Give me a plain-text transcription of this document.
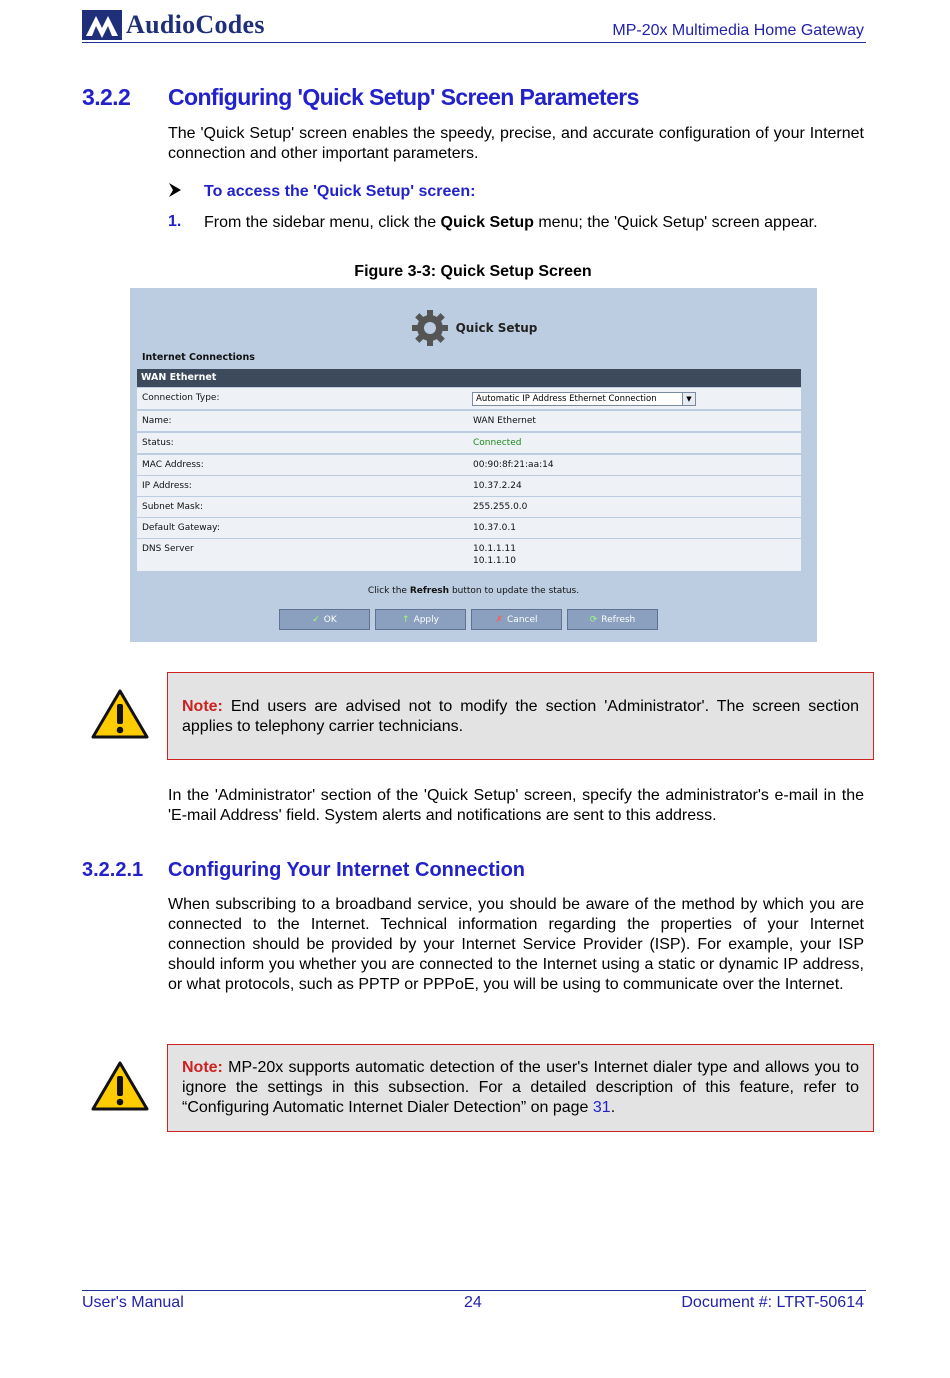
AudioCodes	MP-20x Multimedia Home Gateway
3.2.2 Configuring 'Quick Setup' Screen Parameters
The 'Quick Setup' screen enables the speedy, precise, and accurate configuration of your Internet connection and other important parameters.
To access the 'Quick Setup' screen:
1. From the sidebar menu, click the Quick Setup menu; the 'Quick Setup' screen appear.
Figure 3-3: Quick Setup Screen
Quick Setup
Internet Connections
WAN Ethernet
Connection Type:	Automatic IP Address Ethernet Connection	▼
Name:	WAN Ethernet
Status:	Connected
MAC Address:	00:90:8f:21:aa:14
IP Address:	10.37.2.24
Subnet Mask:	255.255.0.0
Default Gateway:	10.37.0.1
DNS Server	10.1.1.11
10.1.1.10
Click the Refresh button to update the status.
✓ OK	↑ Apply	✗ Cancel	⟳ Refresh
Note: End users are advised not to modify the section 'Administrator'. The screen section applies to telephony carrier technicians.
In the 'Administrator' section of the 'Quick Setup' screen, specify the administrator's e-mail in the 'E-mail Address' field. System alerts and notifications are sent to this address.
3.2.2.1 Configuring Your Internet Connection
When subscribing to a broadband service, you should be aware of the method by which you are connected to the Internet. Technical information regarding the properties of your Internet connection should be provided by your Internet Service Provider (ISP). For example, your ISP should inform you whether you are connected to the Internet using a static or dynamic IP address, or what protocols, such as PPTP or PPPoE, you will be using to communicate over the Internet.
Note: MP-20x supports automatic detection of the user's Internet dialer type and allows you to ignore the settings in this subsection. For a detailed description of this feature, refer to “Configuring Automatic Internet Dialer Detection” on page 31.
User's Manual	24	Document #: LTRT-50614
